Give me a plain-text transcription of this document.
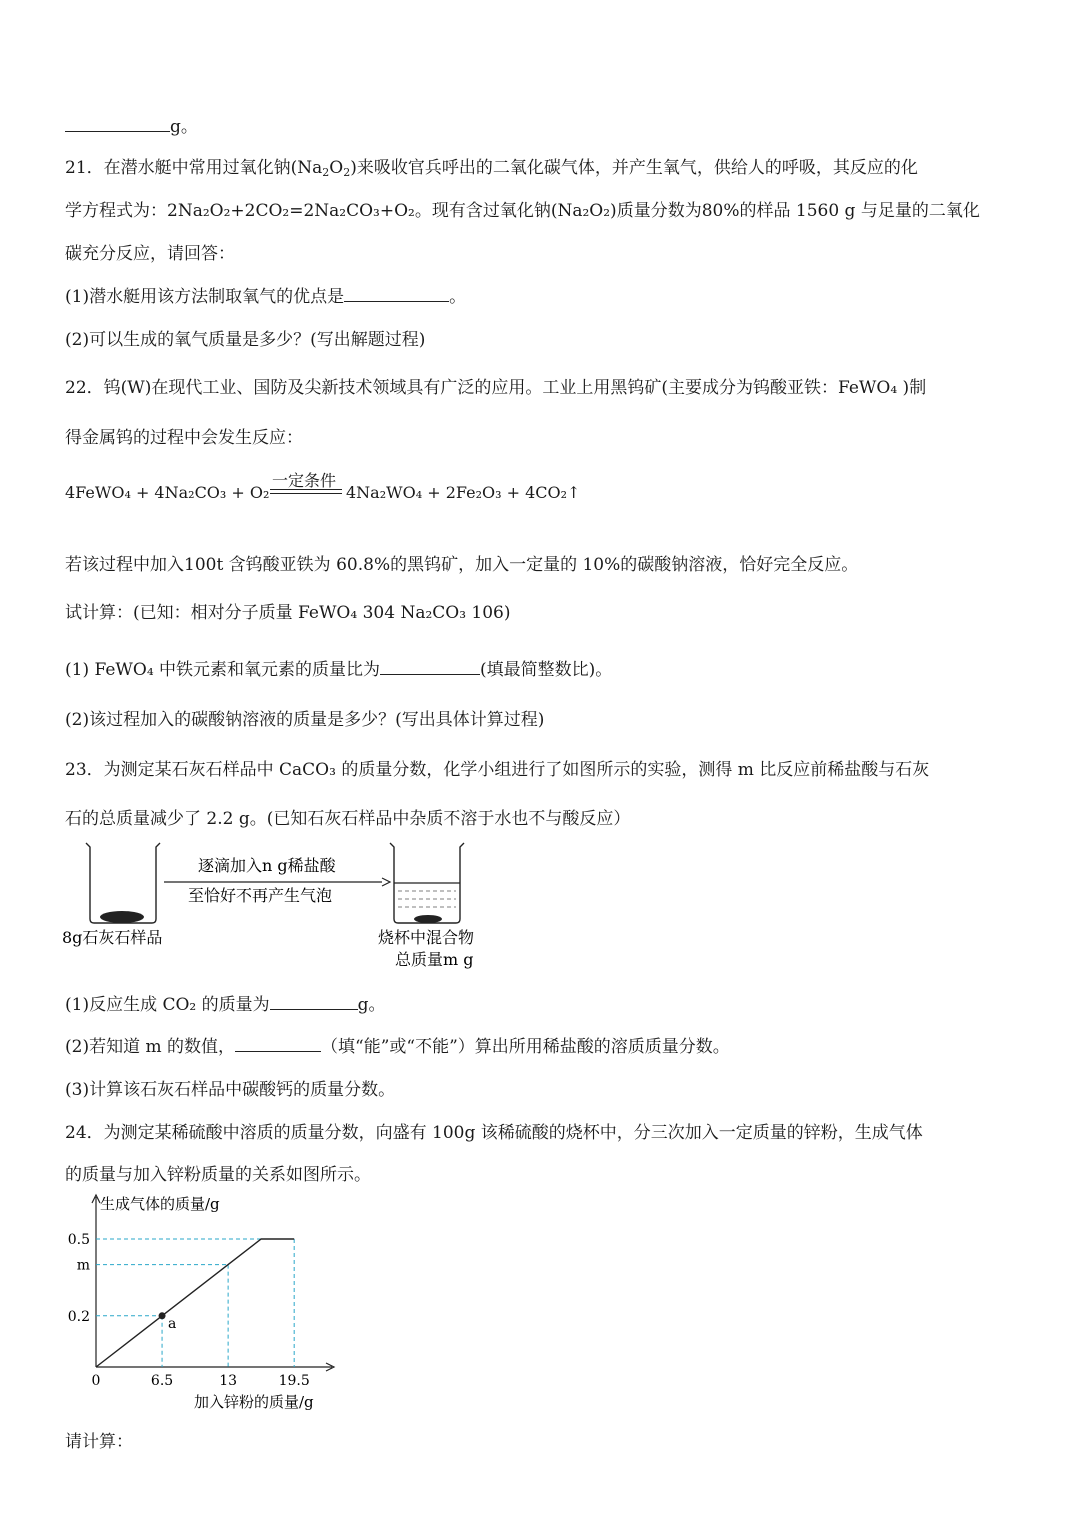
g。
21．在潜水艇中常用过氧化钠$(Na_2O_2)$来吸收官兵呼出的二氧化碳气体，并产生氧气，供给人的呼吸，其反应的化
学方程式为：2Na₂O₂+2CO₂=2Na₂CO₃+O₂。现有含过氧化钠(Na₂O₂)质量分数为80%的样品 1560 g 与足量的二氧化
碳充分反应，请回答：
(1)潜水艇用该方法制取氧气的优点是	。
(2)可以生成的氧气质量是多少？(写出解题过程)
22．钨(W)在现代工业、国防及尖新技术领域具有广泛的应用。工业上用黑钨矿(主要成分为钨酸亚铁：FeWO₄ )制
得金属钨的过程中会发生反应：
一定条件
4FeWO₄ + 4Na₂CO₃ + O₂	4Na₂WO₄ + 2Fe₂O₃ + 4CO₂↑
若该过程中加入100t 含钨酸亚铁为 60.8%的黑钨矿，加入一定量的 10%的碳酸钠溶液，恰好完全反应。
试计算：(已知：相对分子质量 FeWO₄ 304 Na₂CO₃ 106)
(1) FeWO₄ 中铁元素和氧元素的质量比为	(填最简整数比)。
(2)该过程加入的碳酸钠溶液的质量是多少？(写出具体计算过程)
23．为测定某石灰石样品中 CaCO₃ 的质量分数，化学小组进行了如图所示的实验，测得 m 比反应前稀盐酸与石灰
石的总质量减少了 2.2 g。(已知石灰石样品中杂质不溶于水也不与酸反应）
8g石灰石样品
逐滴加入n g稀盐酸
至恰好不再产生气泡
烧杯中混合物
总质量m g
(1)反应生成 CO₂ 的质量为	g。
(2)若知道 m 的数值，	（填“能”或“不能”）算出所用稀盐酸的溶质质量分数。
(3)计算该石灰石样品中碳酸钙的质量分数。
24．为测定某稀硫酸中溶质的质量分数，向盛有 100g 该稀硫酸的烧杯中，分三次加入一定质量的锌粉，生成气体
的质量与加入锌粉质量的关系如图所示。
a
0.2
m
0.5
0	6.5	13	19.5
生成气体的质量/g
加入锌粉的质量/g
请计算：
